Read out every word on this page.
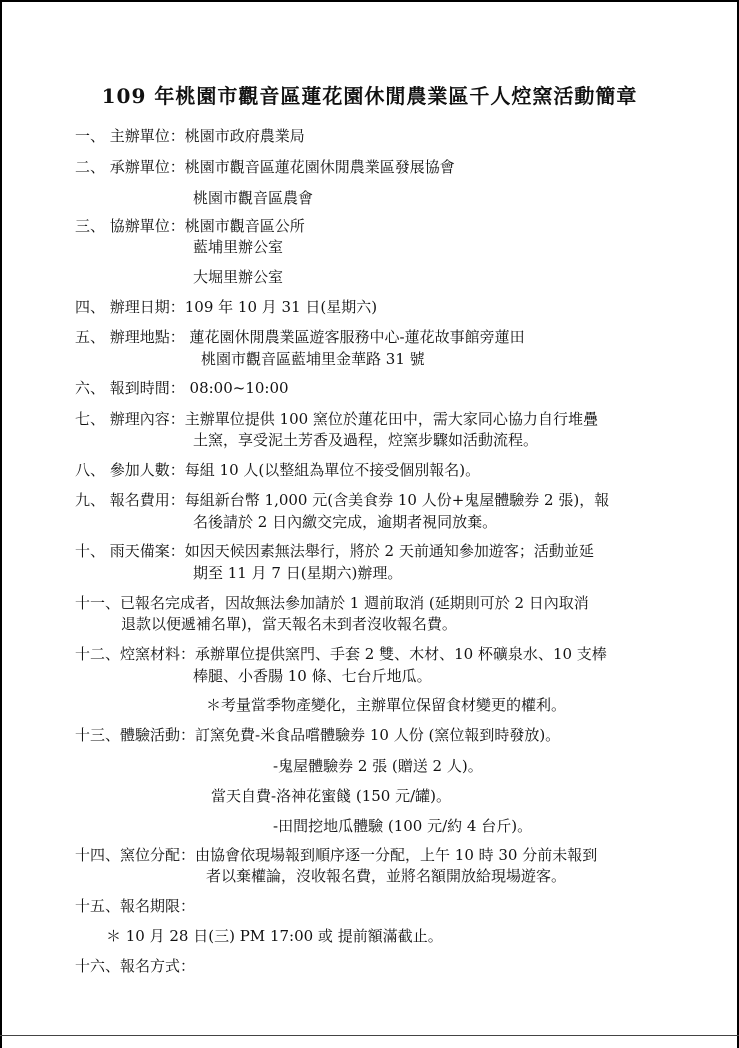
109 年桃園市觀音區蓮花園休閒農業區千人焢窯活動簡章
一、 主辦單位：桃園市政府農業局
二、 承辦單位：桃園市觀音區蓮花園休閒農業區發展協會
桃園市觀音區農會
三、 協辦單位：桃園市觀音區公所
藍埔里辦公室
大堀里辦公室
四、 辦理日期：109 年 10 月 31 日(星期六)
五、 辦理地點： 蓮花園休閒農業區遊客服務中心-蓮花故事館旁蓮田
桃園市觀音區藍埔里金華路 31 號
六、 報到時間： 08:00~10:00
七、 辦理內容：主辦單位提供 100 窯位於蓮花田中，需大家同心協力自行堆疊
土窯，享受泥土芳香及過程，焢窯步驟如活動流程。
八、 參加人數：每組 10 人(以整組為單位不接受個別報名)。
九、 報名費用：每組新台幣 1,000 元(含美食券 10 人份+鬼屋體驗券 2 張)，報
名後請於 2 日內繳交完成，逾期者視同放棄。
十、 雨天備案：如因天候因素無法舉行，將於 2 天前通知參加遊客；活動並延
期至 11 月 7 日(星期六)辦理。
十一、已報名完成者，因故無法參加請於 1 週前取消 (延期則可於 2 日內取消
退款以便遞補名單)，當天報名未到者沒收報名費。
十二、焢窯材料：承辦單位提供窯門、手套 2 雙、木材、10 杯礦泉水、10 支棒
棒腿、小香腸 10 條、七台斤地瓜。
＊考量當季物產變化，主辦單位保留食材變更的權利。
十三、體驗活動：訂窯免費-米食品嚐體驗券 10 人份 (窯位報到時發放)。
-鬼屋體驗券 2 張 (贈送 2 人)。
當天自費-洛神花蜜餞 (150 元/罐)。
-田間挖地瓜體驗 (100 元/約 4 台斤)。
十四、窯位分配：由協會依現場報到順序逐一分配，上午 10 時 30 分前未報到
者以棄權論，沒收報名費，並將名額開放給現場遊客。
十五、報名期限：
＊ 10 月 28 日(三) PM 17:00 或 提前額滿截止。
十六、報名方式：
